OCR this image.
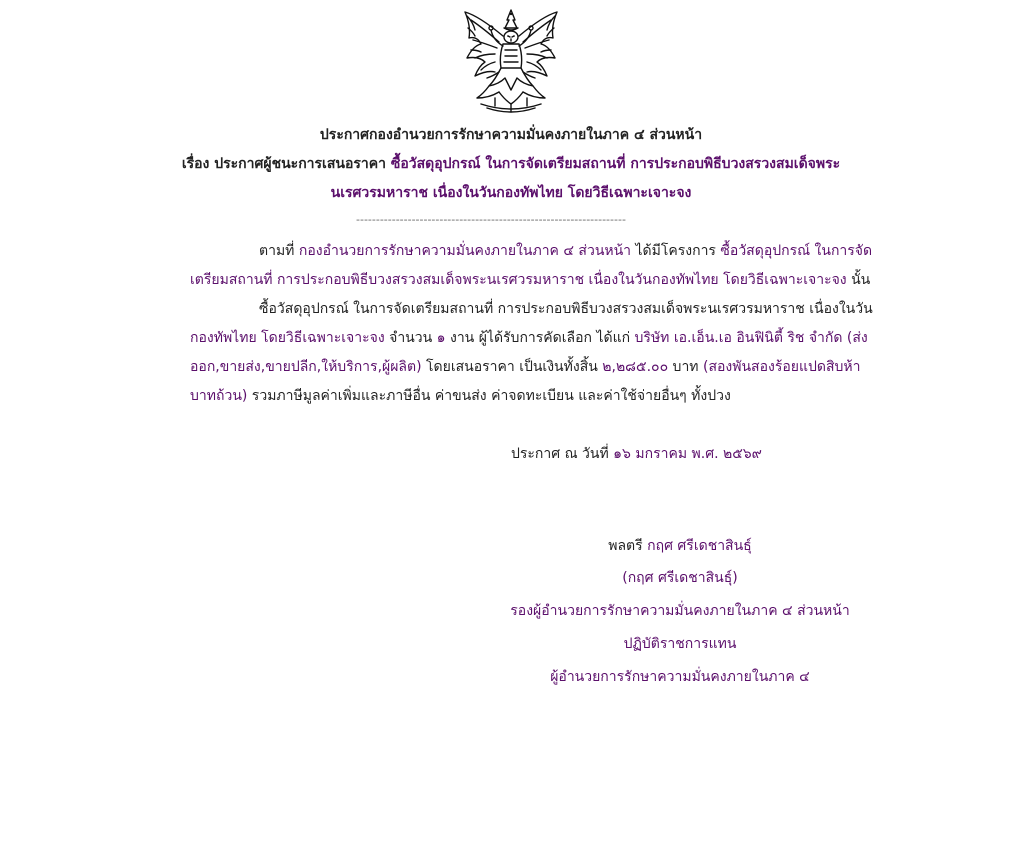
ประกาศกองอำนวยการรักษาความมั่นคงภายในภาค ๔ ส่วนหน้า
เรื่อง ประกาศผู้ชนะการเสนอราคา ซื้อวัสดุอุปกรณ์ ในการจัดเตรียมสถานที่ การประกอบพิธีบวงสรวงสมเด็จพระ
นเรศวรมหาราช เนื่องในวันกองทัพไทย โดยวิธีเฉพาะเจาะจง
--------------------------------------------------------------------
ตามที่ กองอำนวยการรักษาความมั่นคงภายในภาค ๔ ส่วนหน้า ได้มีโครงการ ซื้อวัสดุอุปกรณ์ ในการจัด
เตรียมสถานที่ การประกอบพิธีบวงสรวงสมเด็จพระนเรศวรมหาราช เนื่องในวันกองทัพไทย โดยวิธีเฉพาะเจาะจง นั้น
ซื้อวัสดุอุปกรณ์ ในการจัดเตรียมสถานที่ การประกอบพิธีบวงสรวงสมเด็จพระนเรศวรมหาราช เนื่องในวัน
กองทัพไทย โดยวิธีเฉพาะเจาะจง จำนวน ๑ งาน ผู้ได้รับการคัดเลือก ได้แก่ บริษัท เอ.เอ็น.เอ อินฟินิตี้ ริช จำกัด (ส่ง
ออก,ขายส่ง,ขายปลีก,ให้บริการ,ผู้ผลิต) โดยเสนอราคา เป็นเงินทั้งสิ้น ๒,๒๘๕.๐๐ บาท (สองพันสองร้อยแปดสิบห้า
บาทถ้วน) รวมภาษีมูลค่าเพิ่มและภาษีอื่น ค่าขนส่ง ค่าจดทะเบียน และค่าใช้จ่ายอื่นๆ ทั้งปวง
ประกาศ ณ วันที่ ๑๖ มกราคม พ.ศ. ๒๕๖๙
พลตรี กฤศ ศรีเดชาสินธุ์
(กฤศ ศรีเดชาสินธุ์)
รองผู้อำนวยการรักษาความมั่นคงภายในภาค ๔ ส่วนหน้า
ปฏิบัติราชการแทน
ผู้อำนวยการรักษาความมั่นคงภายในภาค ๔
